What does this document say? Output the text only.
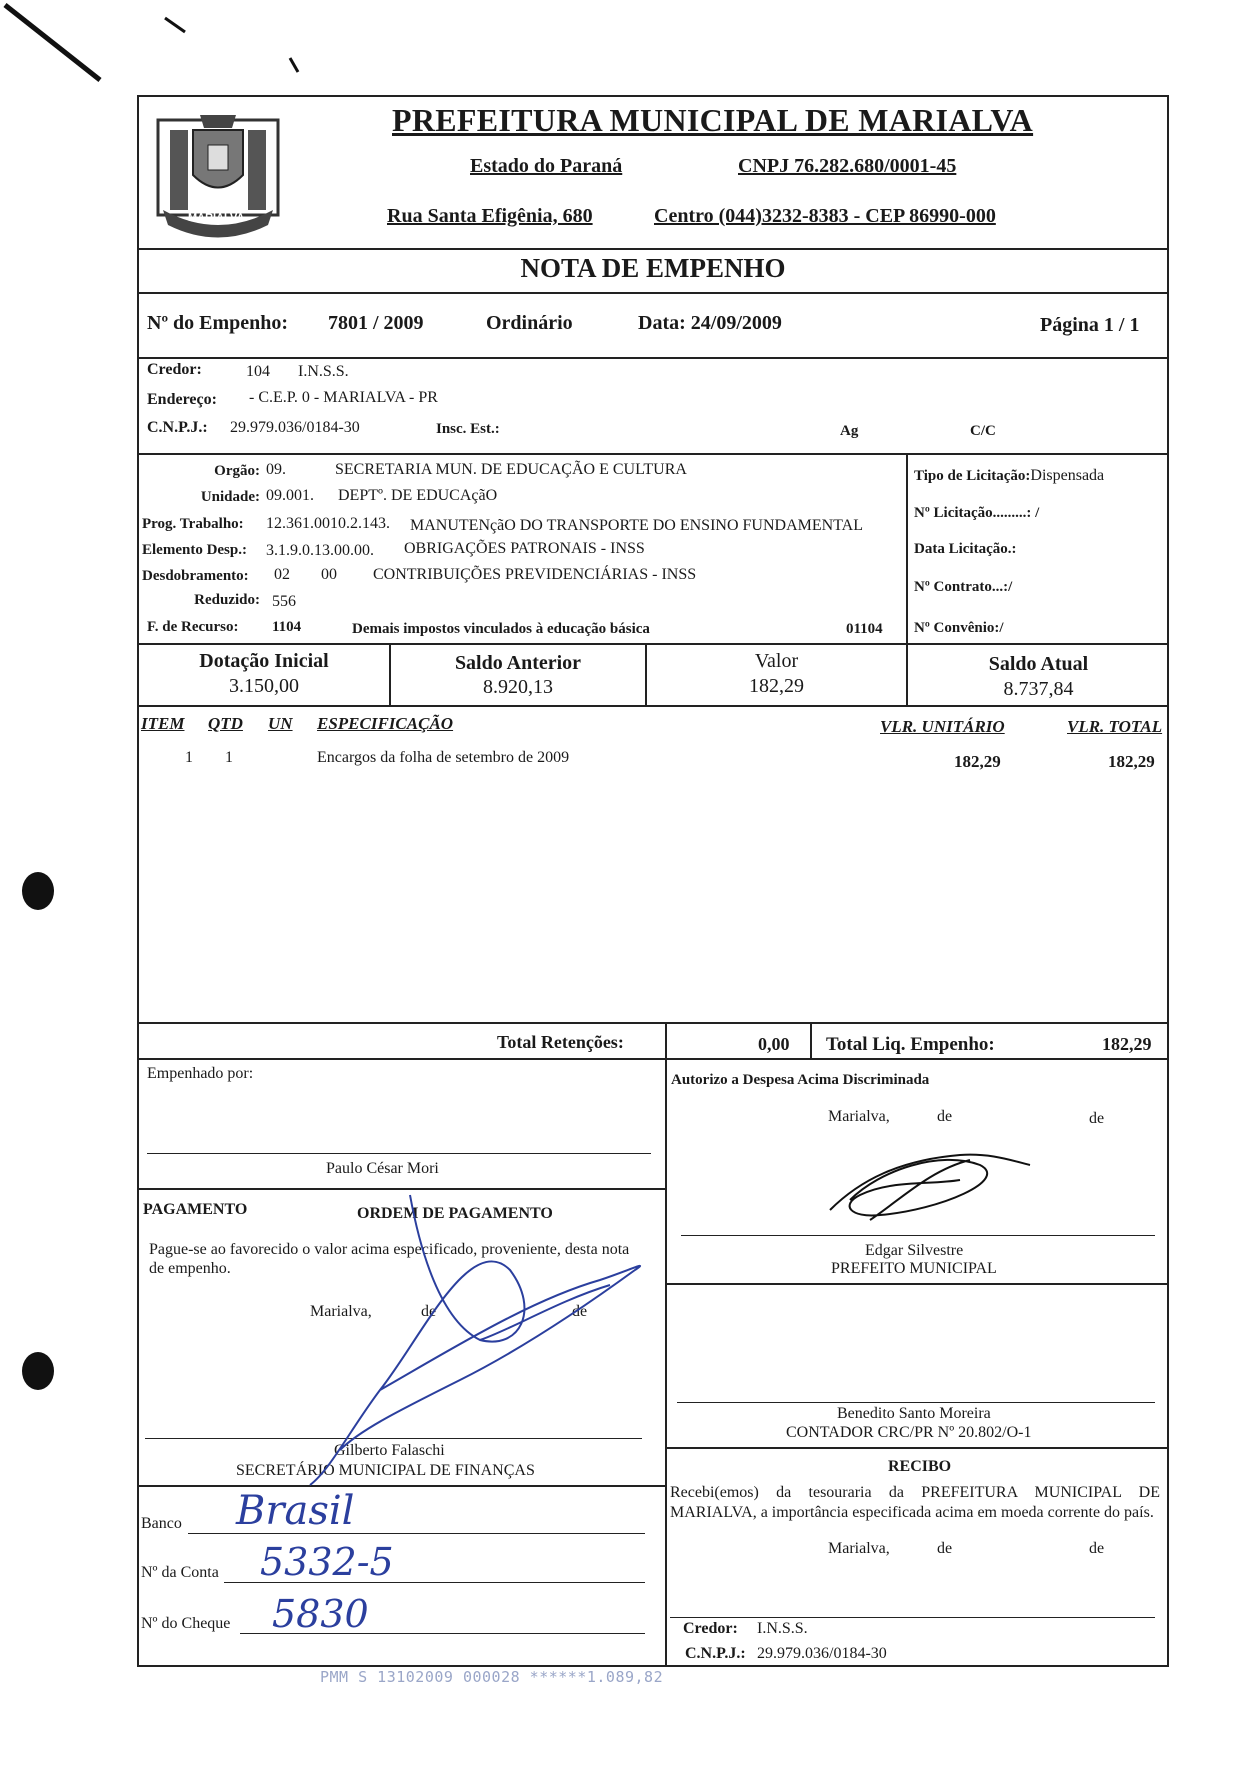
MARIALVA
PREFEITURA MUNICIPAL DE MARIALVA
Estado do Paraná	CNPJ 76.282.680/0001-45
Rua Santa Efigênia, 680	Centro (044)3232-8383 - CEP 86990-000
NOTA DE EMPENHO
Nº do Empenho: 7801 / 2009	Ordinário	Data: 24/09/2009	Página 1 / 1
Credor:	104 I.N.S.S.
Endereço: - C.E.P. 0 - MARIALVA - PR
C.N.P.J.: 29.979.036/0184-30	Insc. Est.:	Ag	C/C
Orgão: 09.	SECRETARIA MUN. DE EDUCAÇÃO E CULTURA
Unidade: 09.001. DEPTº. DE EDUCAçãO
Prog. Trabalho: 12.361.0010.2.143. MANUTENçãO DO TRANSPORTE DO ENSINO FUNDAMENTAL
Elemento Desp.: 3.1.9.0.13.00.00. OBRIGAÇÕES PATRONAIS - INSS
Desdobramento: 02 00 CONTRIBUIÇÕES PREVIDENCIÁRIAS - INSS
Reduzido: 556
F. de Recurso: 1104	Demais impostos vinculados à educação básica	01104
Tipo de Licitação:Dispensada
Nº Licitação.........: /
Data Licitação.:
Nº Contrato...:/
Nº Convênio:/
Dotação Inicial
3.150,00
Saldo Anterior
8.920,13
Valor
182,29
Saldo Atual
8.737,84
ITEM QTD UN ESPECIFICAÇÃO	VLR. UNITÁRIO	VLR. TOTAL
1 1	Encargos da folha de setembro de 2009	182,29	182,29
Total Retenções:	0,00 Total Liq. Empenho:	182,29
Empenhado por:
Paulo César Mori
PAGAMENTO	ORDEM DE PAGAMENTO
Pague-se ao favorecido o valor acima especificado, proveniente, desta nota de empenho.
Marialva,	de	de
Gilberto Falaschi
SECRETÁRIO MUNICIPAL DE FINANÇAS
Banco Brasil
Nº da Conta 5332-5
Nº do Cheque 5830
Autorizo a Despesa Acima Discriminada
Marialva,	de	de
Edgar Silvestre
PREFEITO MUNICIPAL
Benedito Santo Moreira
CONTADOR CRC/PR Nº 20.802/O-1
RECIBO
Recebi(emos) da tesouraria da PREFEITURA MUNICIPAL DE MARIALVA, a importância especificada acima em moeda corrente do país.
Marialva,	de	de
Credor: I.N.S.S.
C.N.P.J.: 29.979.036/0184-30
PMM S 13102009 000028 ******1.089,82
